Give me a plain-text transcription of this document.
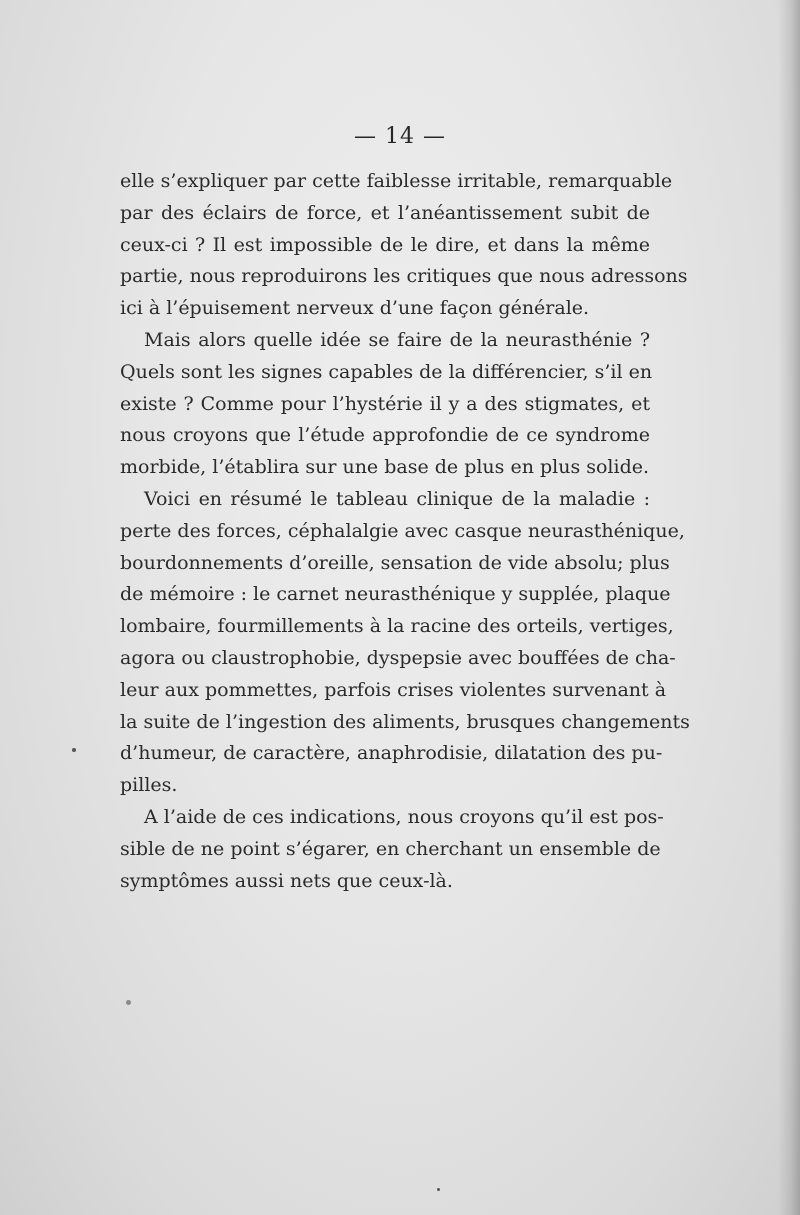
— 14 —
elle s’expliquer par cette faiblesse irritable, remarquable
par des éclairs de force, et l’anéantissement subit de
ceux-ci ? Il est impossible de le dire, et dans la même
partie, nous reproduirons les critiques que nous adressons
ici à l’épuisement nerveux d’une façon générale.
Mais alors quelle idée se faire de la neurasthénie ?
Quels sont les signes capables de la différencier, s’il en
existe ? Comme pour l’hystérie il y a des stigmates, et
nous croyons que l’étude approfondie de ce syndrome
morbide, l’établira sur une base de plus en plus solide.
Voici en résumé le tableau clinique de la maladie :
perte des forces, céphalalgie avec casque neurasthénique,
bourdonnements d’oreille, sensation de vide absolu; plus
de mémoire : le carnet neurasthénique y supplée, plaque
lombaire, fourmillements à la racine des orteils, vertiges,
agora ou claustrophobie, dyspepsie avec bouffées de cha-
leur aux pommettes, parfois crises violentes survenant à
la suite de l’ingestion des aliments, brusques changements
d’humeur, de caractère, anaphrodisie, dilatation des pu-
pilles.
A l’aide de ces indications, nous croyons qu’il est pos-
sible de ne point s’égarer, en cherchant un ensemble de
symptômes aussi nets que ceux-là.
